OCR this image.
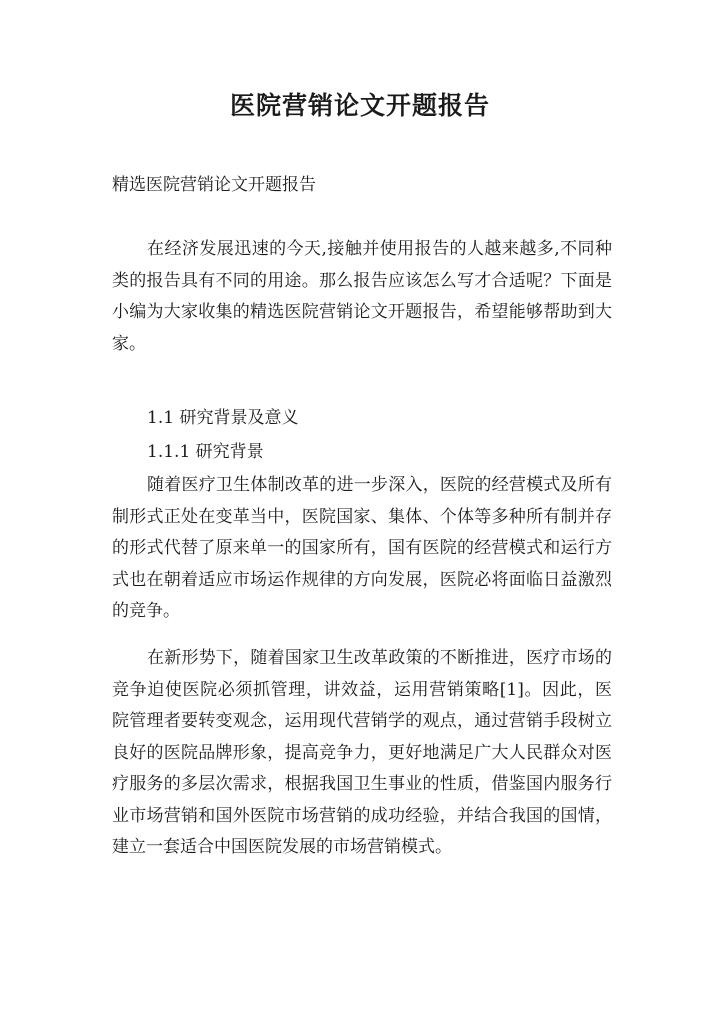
医院营销论文开题报告

精选医院营销论文开题报告

在经济发展迅速的今天,接触并使用报告的人越来越多,不同种类的报告具有不同的用途。那么报告应该怎么写才合适呢？下面是小编为大家收集的精选医院营销论文开题报告，希望能够帮助到大家。

1.1 研究背景及意义

1.1.1 研究背景

随着医疗卫生体制改革的进一步深入，医院的经营模式及所有制形式正处在变革当中，医院国家、集体、个体等多种所有制并存的形式代替了原来单一的国家所有，国有医院的经营模式和运行方式也在朝着适应市场运作规律的方向发展，医院必将面临日益激烈的竞争。

在新形势下，随着国家卫生改革政策的不断推进，医疗市场的竞争迫使医院必须抓管理，讲效益，运用营销策略[1]。因此，医院管理者要转变观念，运用现代营销学的观点，通过营销手段树立良好的医院品牌形象，提高竞争力，更好地满足广大人民群众对医疗服务的多层次需求，根据我国卫生事业的性质，借鉴国内服务行业市场营销和国外医院市场营销的成功经验，并结合我国的国情，建立一套适合中国医院发展的市场营销模式。
